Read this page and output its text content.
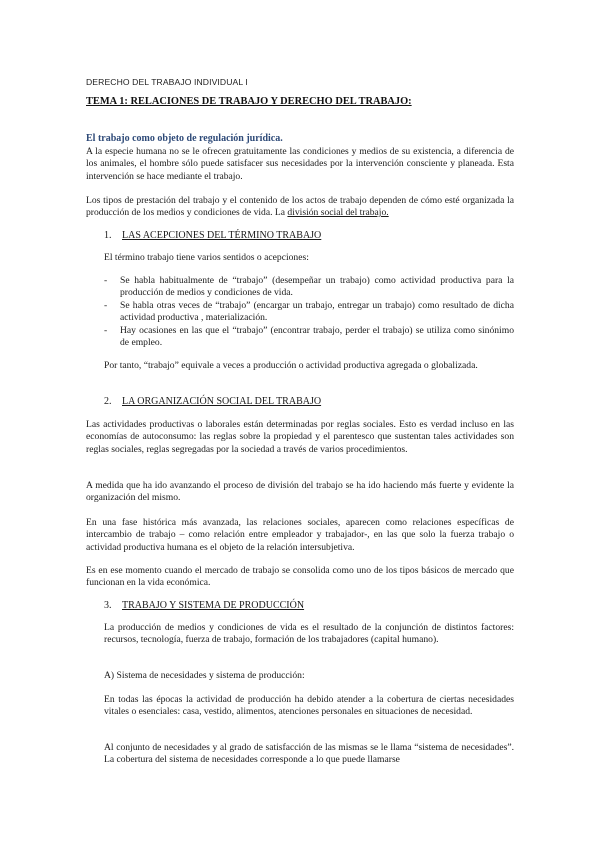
DERECHO DEL TRABAJO INDIVIDUAL I
TEMA 1: RELACIONES DE TRABAJO Y DERECHO DEL TRABAJO:
El trabajo como objeto de regulación jurídica.

A la especie humana no se le ofrecen gratuitamente las condiciones y medios de su existencia, a diferencia de los animales, el hombre sólo puede satisfacer sus necesidades por la intervención consciente y planeada. Esta intervención se hace mediante el trabajo.

Los tipos de prestación del trabajo y el contenido de los actos de trabajo dependen de cómo esté organizada la producción de los medios y condiciones de vida. La división social del trabajo.

1. LAS ACEPCIONES DEL TÉRMINO TRABAJO

El término trabajo tiene varios sentidos o acepciones:

- Se habla habitualmente de “trabajo” (desempeñar un trabajo) como actividad productiva para la producción de medios y condiciones de vida.
- Se habla otras veces de “trabajo” (encargar un trabajo, entregar un trabajo) como resultado de dicha actividad productiva , materialización.
- Hay ocasiones en las que el “trabajo” (encontrar trabajo, perder el trabajo) se utiliza como sinónimo de empleo.

Por tanto, “trabajo” equivale a veces a producción o actividad productiva agregada o globalizada.

2. LA ORGANIZACIÓN SOCIAL DEL TRABAJO

Las actividades productivas o laborales están determinadas por reglas sociales. Esto es verdad incluso en las economías de autoconsumo: las reglas sobre la propiedad y el parentesco que sustentan tales actividades son reglas sociales, reglas segregadas por la sociedad a través de varios procedimientos.

A medida que ha ido avanzando el proceso de división del trabajo se ha ido haciendo más fuerte y evidente la organización del mismo.

En una fase histórica más avanzada, las relaciones sociales, aparecen como relaciones específicas de intercambio de trabajo – como relación entre empleador y trabajador-, en las que solo la fuerza trabajo o actividad productiva humana es el objeto de la relación intersubjetiva.

Es en ese momento cuando el mercado de trabajo se consolida como uno de los tipos básicos de mercado que funcionan en la vida económica.

3. TRABAJO Y SISTEMA DE PRODUCCIÓN

La producción de medios y condiciones de vida es el resultado de la conjunción de distintos factores: recursos, tecnología, fuerza de trabajo, formación de los trabajadores (capital humano).

A) Sistema de necesidades y sistema de producción:

En todas las épocas la actividad de producción ha debido atender a la cobertura de ciertas necesidades vitales o esenciales: casa, vestido, alimentos, atenciones personales en situaciones de necesidad.

Al conjunto de necesidades y al grado de satisfacción de las mismas se le llama “sistema de necesidades”. La cobertura del sistema de necesidades corresponde a lo que puede llamarse
